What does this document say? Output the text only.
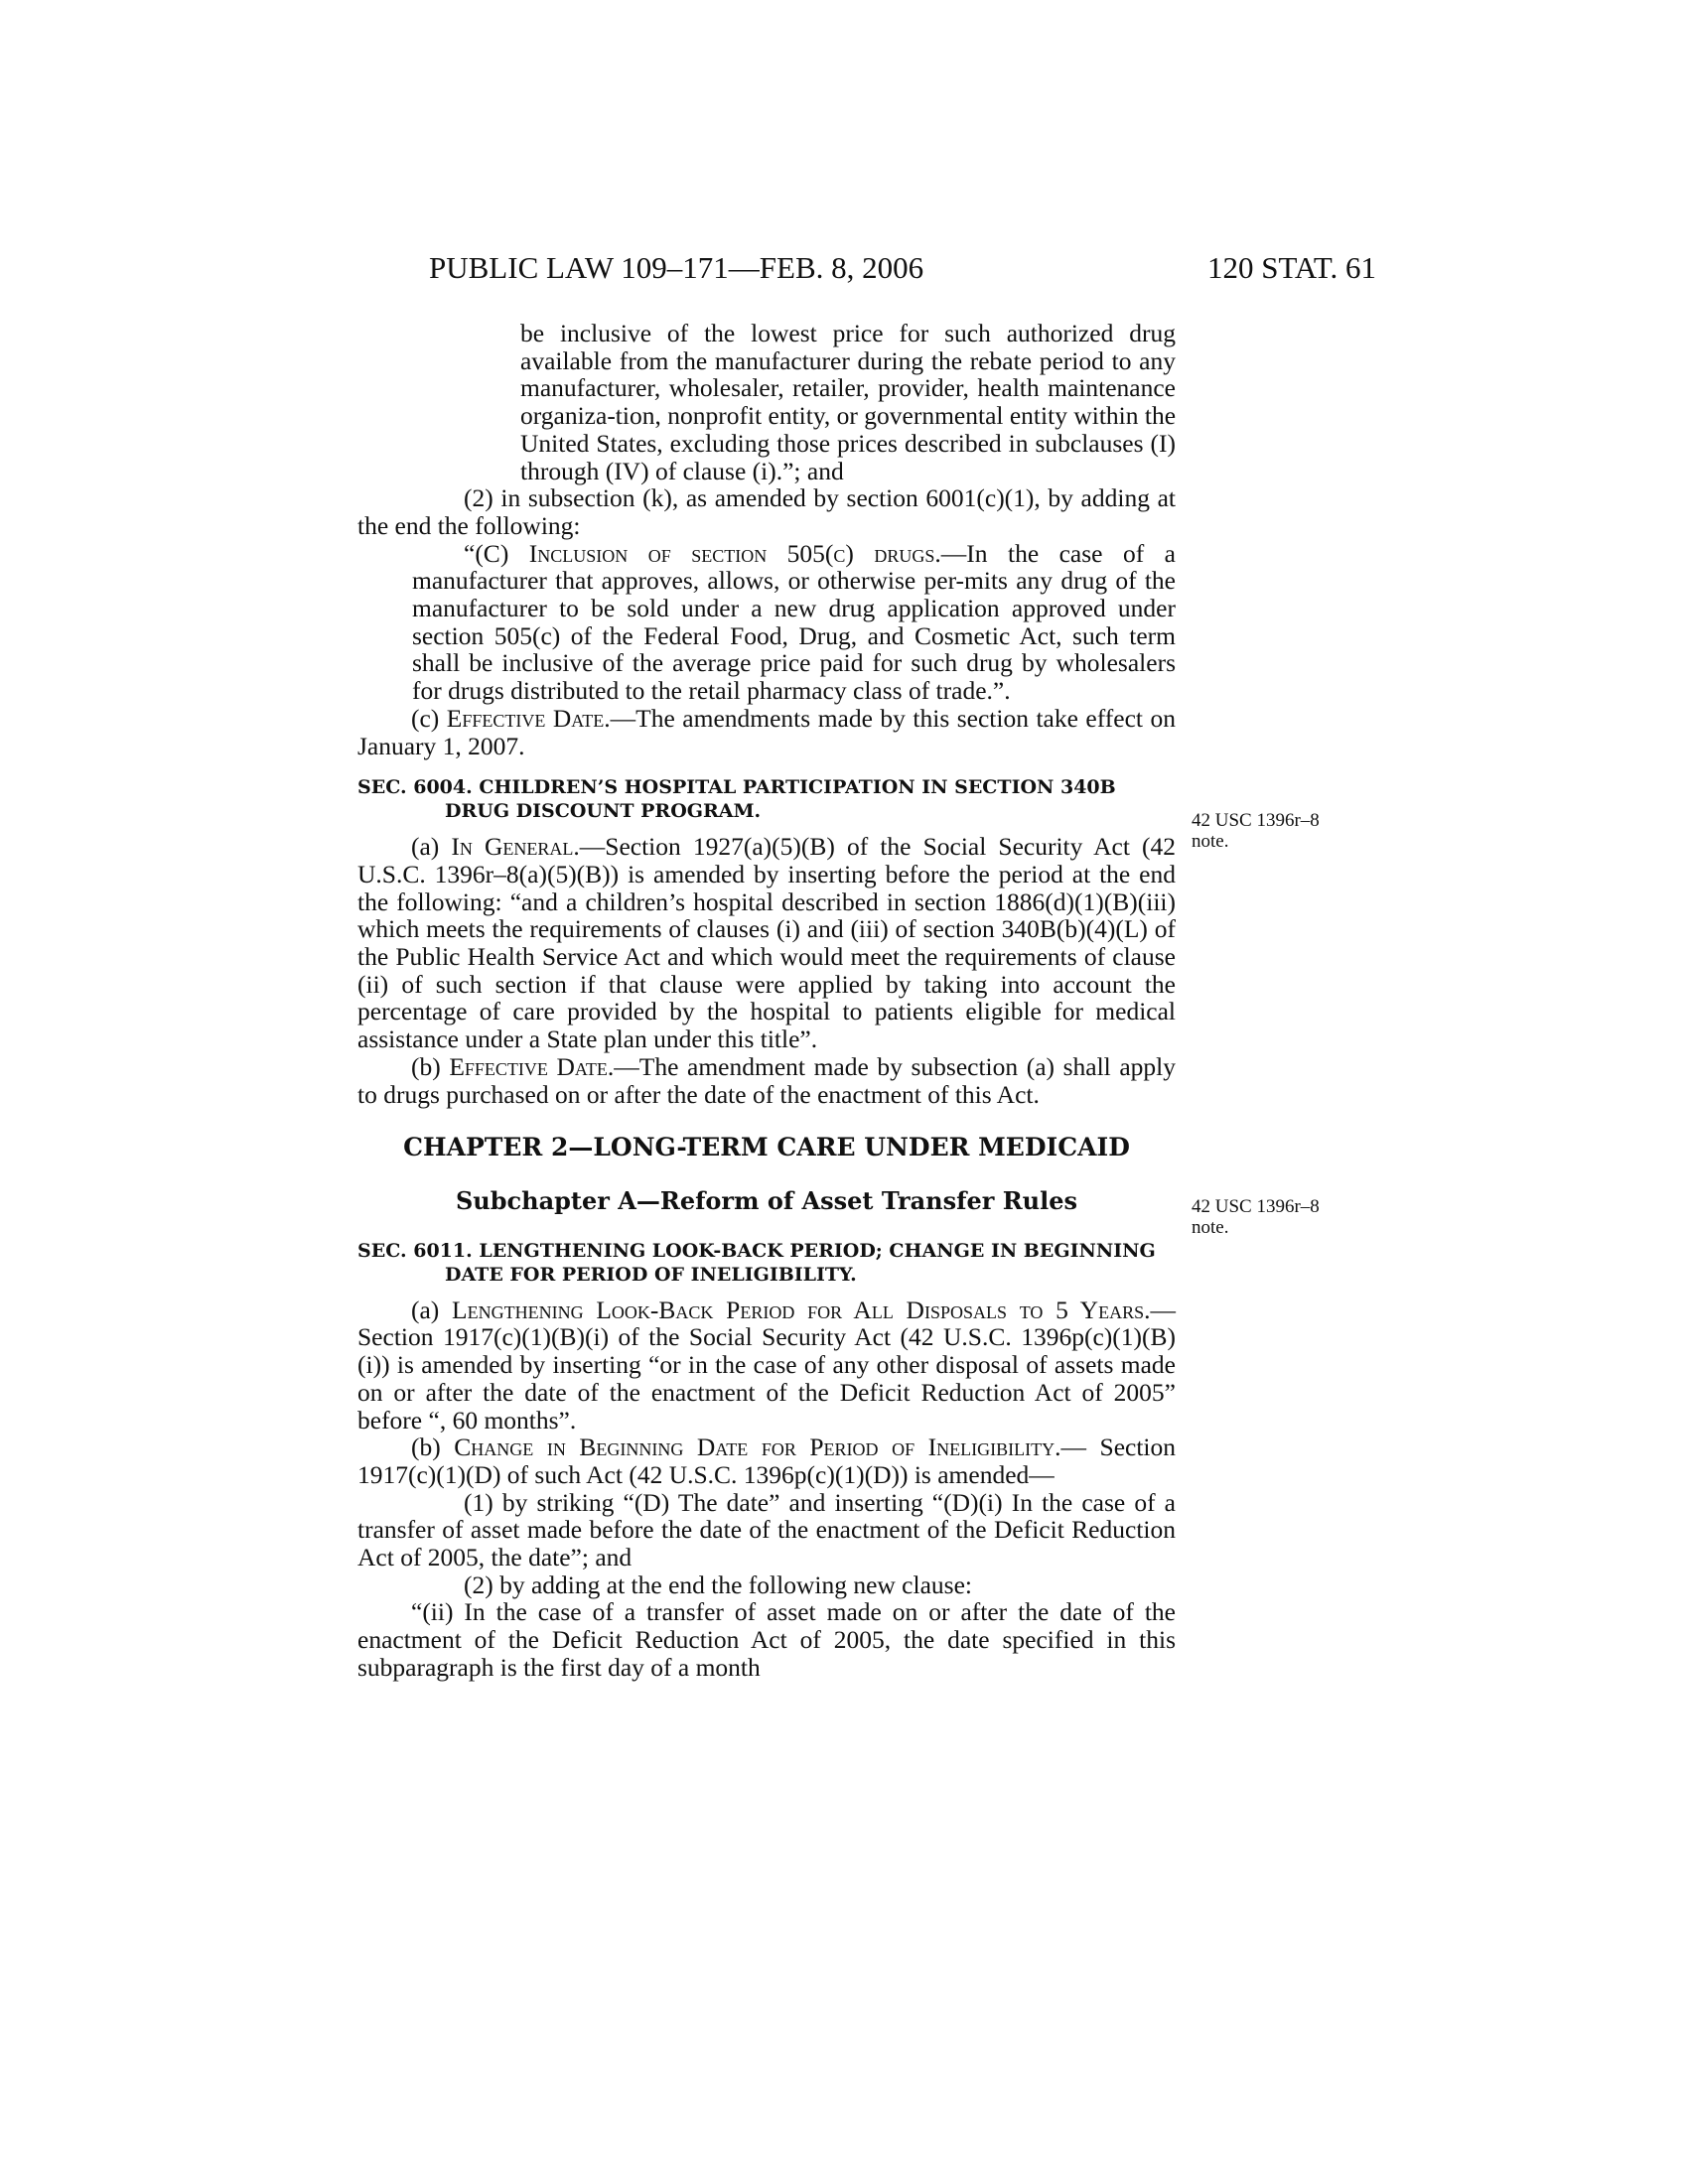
PUBLIC LAW 109–171—FEB. 8, 2006	120 STAT. 61

be inclusive of the lowest price for such authorized drug available from the manufacturer during the rebate period to any manufacturer, wholesaler, retailer, provider, health maintenance organiza-tion, nonprofit entity, or governmental entity within the United States, excluding those prices described in subclauses (I) through (IV) of clause (i).”; and

(2) in subsection (k), as amended by section 6001(c)(1), by adding at the end the following:

“(C) Inclusion of section 505(c) drugs.—In the case of a manufacturer that approves, allows, or otherwise per-mits any drug of the manufacturer to be sold under a new drug application approved under section 505(c) of the Federal Food, Drug, and Cosmetic Act, such term shall be inclusive of the average price paid for such drug by wholesalers for drugs distributed to the retail pharmacy class of trade.”.

(c) Effective Date.—The amendments made by this section take effect on January 1, 2007.

SEC. 6004. CHILDREN’S HOSPITAL PARTICIPATION IN SECTION 340B DRUG DISCOUNT PROGRAM.

(a) In General.—Section 1927(a)(5)(B) of the Social Security Act (42 U.S.C. 1396r–8(a)(5)(B)) is amended by inserting before the period at the end the following: “and a children’s hospital described in section 1886(d)(1)(B)(iii) which meets the requirements of clauses (i) and (iii) of section 340B(b)(4)(L) of the Public Health Service Act and which would meet the requirements of clause (ii) of such section if that clause were applied by taking into account the percentage of care provided by the hospital to patients eligible for medical assistance under a State plan under this title”.

(b) Effective Date.—The amendment made by subsection (a) shall apply to drugs purchased on or after the date of the enactment of this Act.

CHAPTER 2—LONG-TERM CARE UNDER MEDICAID

Subchapter A—Reform of Asset Transfer Rules

SEC. 6011. LENGTHENING LOOK-BACK PERIOD; CHANGE IN BEGINNING DATE FOR PERIOD OF INELIGIBILITY.

(a) Lengthening Look-Back Period for All Disposals to 5 Years.—Section 1917(c)(1)(B)(i) of the Social Security Act (42 U.S.C. 1396p(c)(1)(B)(i)) is amended by inserting “or in the case of any other disposal of assets made on or after the date of the enactment of the Deficit Reduction Act of 2005” before “, 60 months”.

(b) Change in Beginning Date for Period of Ineligibility.— Section 1917(c)(1)(D) of such Act (42 U.S.C. 1396p(c)(1)(D)) is amended—

(1) by striking “(D) The date” and inserting “(D)(i) In the case of a transfer of asset made before the date of the enactment of the Deficit Reduction Act of 2005, the date”; and

(2) by adding at the end the following new clause:

“(ii) In the case of a transfer of asset made on or after the date of the enactment of the Deficit Reduction Act of 2005, the date specified in this subparagraph is the first day of a month

42 USC 1396r–8
note.
42 USC 1396r–8
note.
